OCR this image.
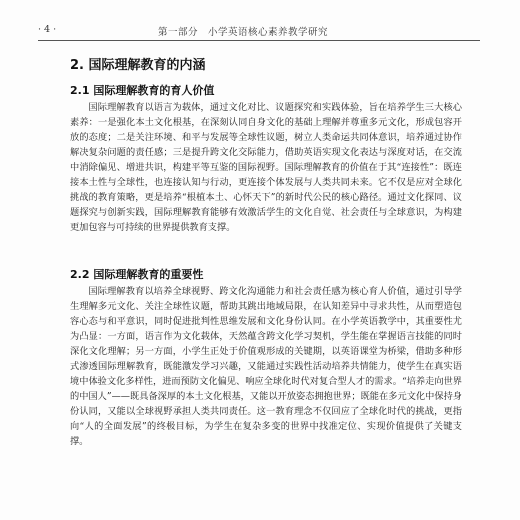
· 4 ·	第一部分　小学英语核心素养教学研究
2. 国际理解教育的内涵
2.1 国际理解教育的育人价值

国际理解教育以语言为载体，通过文化对比、议题探究和实践体验，旨在培养学生三大核心素养：一是强化本土文化根基，在深刻认同自身文化的基础上理解并尊重多元文化，形成包容开放的态度；二是关注环境、和平与发展等全球性议题，树立人类命运共同体意识，培养通过协作解决复杂问题的责任感；三是提升跨文化交际能力，借助英语实现文化表达与深度对话，在交流中消除偏见、增进共识，构建平等互鉴的国际视野。国际理解教育的价值在于其“连接性”：既连接本土性与全球性，也连接认知与行动，更连接个体发展与人类共同未来。它不仅是应对全球化挑战的教育策略，更是培养“根植本土、心怀天下”的新时代公民的核心路径。通过文化探同、议题探究与创新实践，国际理解教育能够有效激活学生的文化自觉、社会责任与全球意识，为构建更加包容与可持续的世界提供教育支撑。

2.2 国际理解教育的重要性

国际理解教育以培养全球视野、跨文化沟通能力和社会责任感为核心育人价值，通过引导学生理解多元文化、关注全球性议题，帮助其跳出地域局限，在认知差异中寻求共性，从而塑造包容心态与和平意识，同时促进批判性思维发展和文化身份认同。在小学英语教学中，其重要性尤为凸显：一方面，语言作为文化载体，天然蕴含跨文化学习契机，学生能在掌握语言技能的同时深化文化理解；另一方面，小学生正处于价值观形成的关键期，以英语课堂为桥梁，借助多种形式渗透国际理解教育，既能激发学习兴趣，又能通过实践性活动培养共情能力，使学生在真实语境中体验文化多样性，进而预防文化偏见、响应全球化时代对复合型人才的需求。“培养走向世界的中国人”——既具备深厚的本土文化根基，又能以开放姿态拥抱世界；既能在多元文化中保持身份认同，又能以全球视野承担人类共同责任。这一教育理念不仅回应了全球化时代的挑战，更指向“人的全面发展”的终极目标，为学生在复杂多变的世界中找准定位、实现价值提供了关键支撑。
